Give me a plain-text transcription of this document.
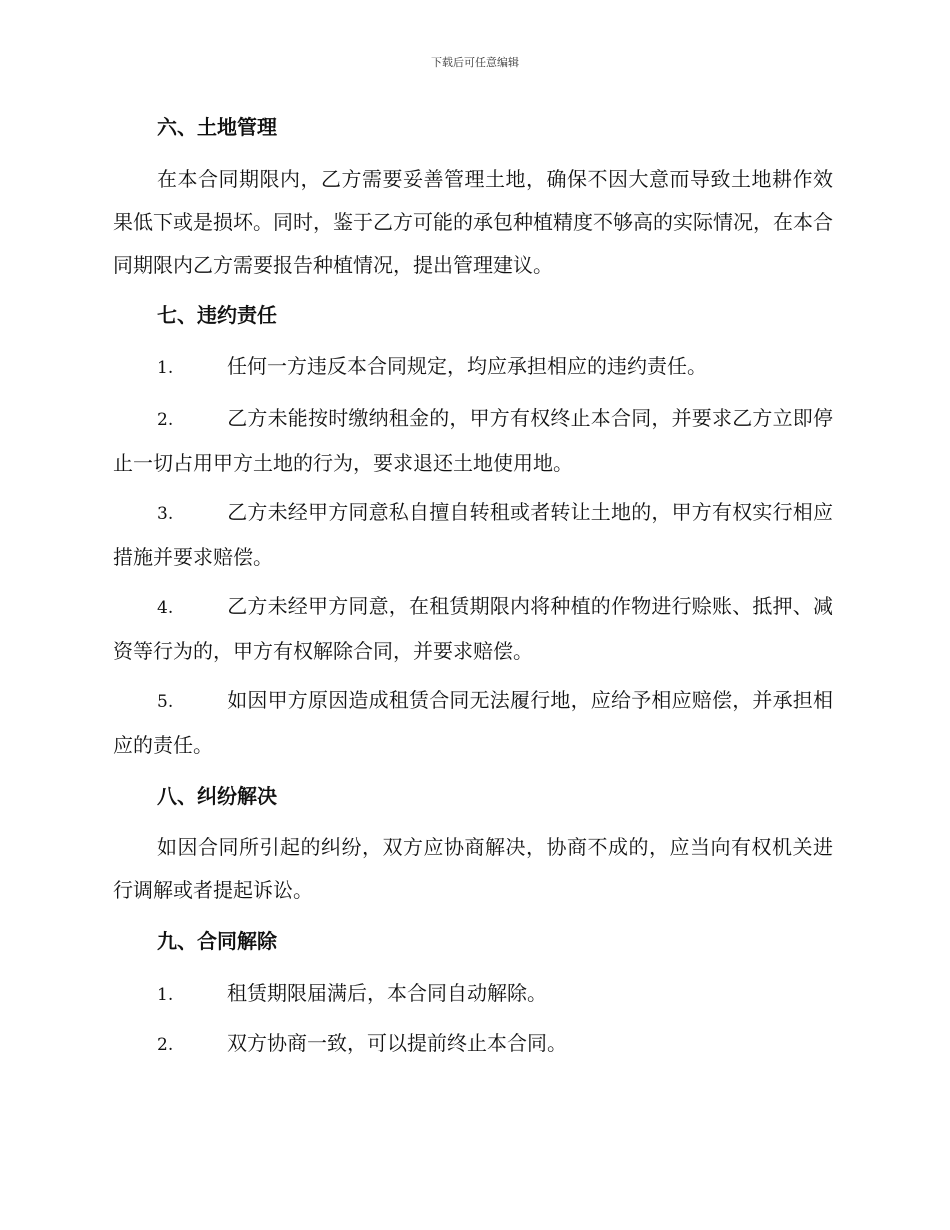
下载后可任意编辑
六、土地管理
在本合同期限内，乙方需要妥善管理土地，确保不因大意而导致土地耕作效果低下或是损坏。同时，鉴于乙方可能的承包种植精度不够高的实际情况，在本合同期限内乙方需要报告种植情况，提出管理建议。
七、违约责任
1.	任何一方违反本合同规定，均应承担相应的违约责任。
2.	乙方未能按时缴纳租金的，甲方有权终止本合同，并要求乙方立即停止一切占用甲方土地的行为，要求退还土地使用地。
3.	乙方未经甲方同意私自擅自转租或者转让土地的，甲方有权实行相应措施并要求赔偿。
4.	乙方未经甲方同意，在租赁期限内将种植的作物进行赊账、抵押、减资等行为的，甲方有权解除合同，并要求赔偿。
5.	如因甲方原因造成租赁合同无法履行地，应给予相应赔偿，并承担相应的责任。
八、纠纷解决
如因合同所引起的纠纷，双方应协商解决，协商不成的，应当向有权机关进行调解或者提起诉讼。
九、合同解除
1.	租赁期限届满后，本合同自动解除。
2.	双方协商一致，可以提前终止本合同。
